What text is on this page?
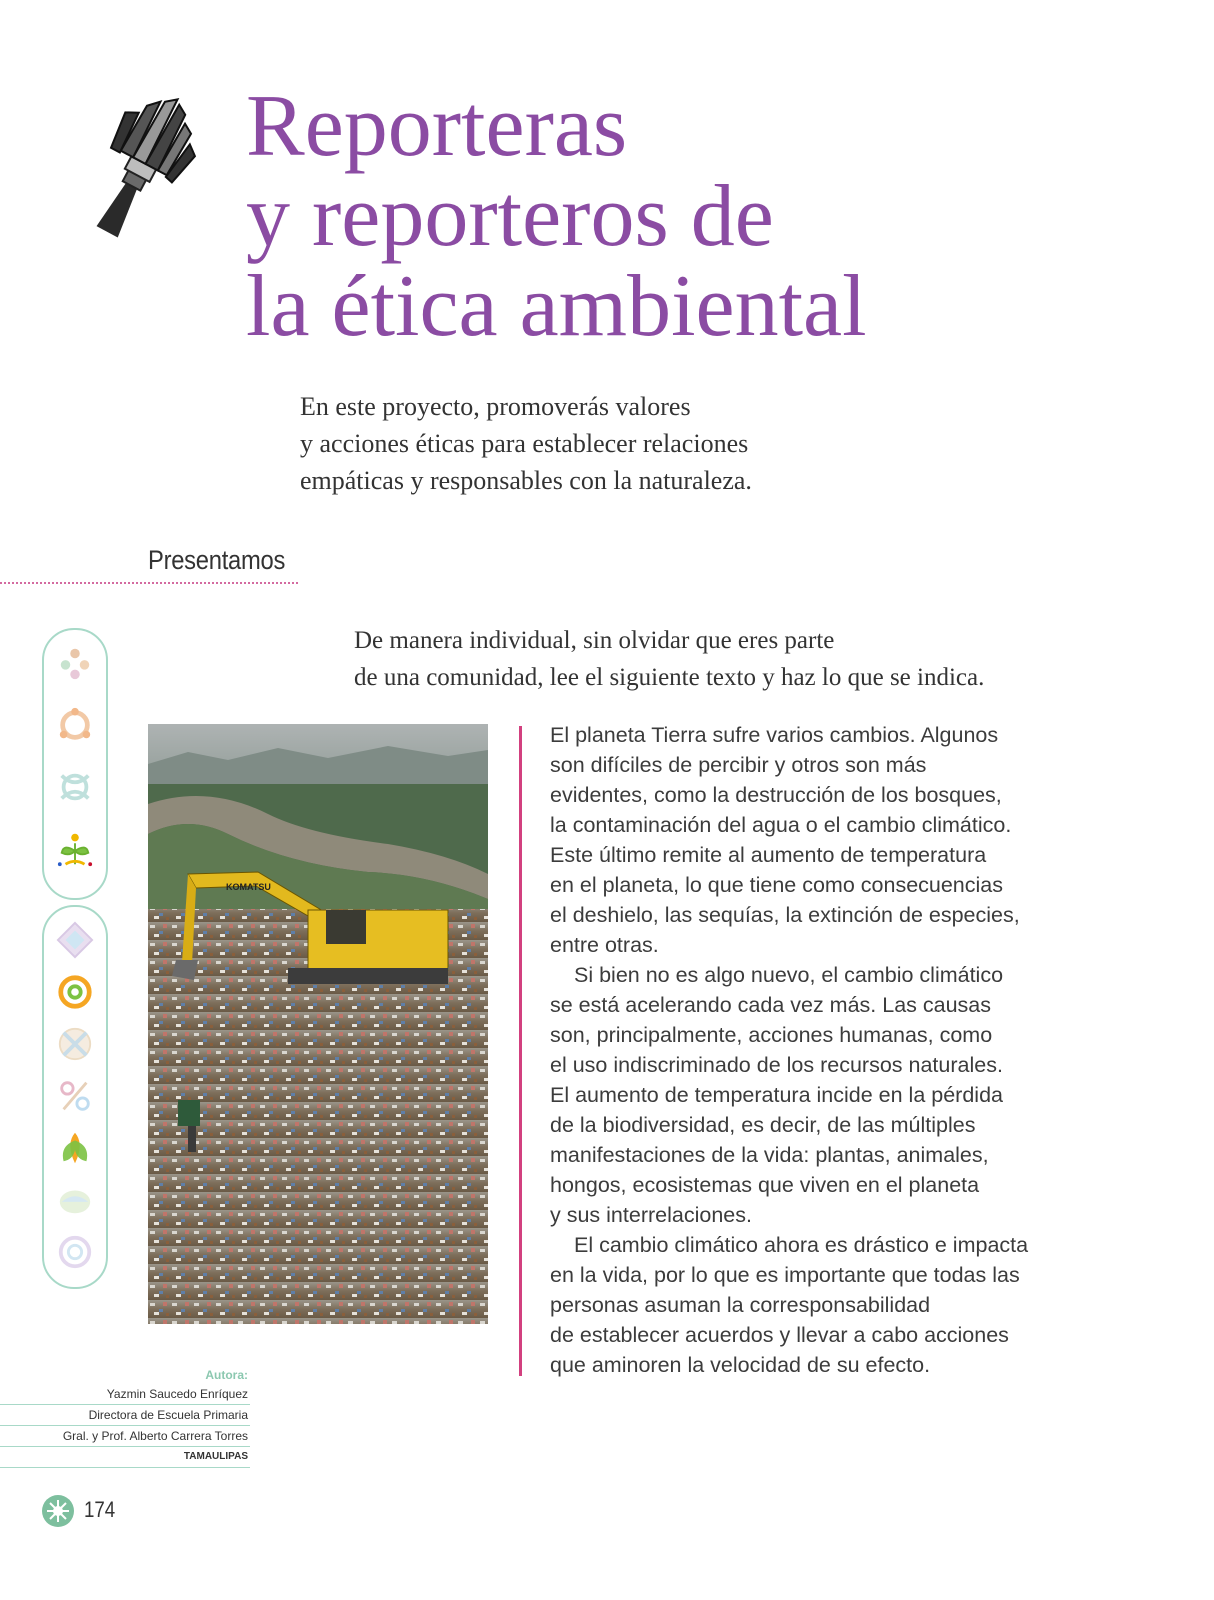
Reporteras
y reporteros de
la ética ambiental
En este proyecto, promoverás valores
y acciones éticas para establecer relaciones
empáticas y responsables con la naturaleza.
Presentamos
De manera individual, sin olvidar que eres parte
de una comunidad, lee el siguiente texto y haz lo que se indica.
KOMATSU
El planeta Tierra sufre varios cambios. Algunos
son difíciles de percibir y otros son más
evidentes, como la destrucción de los bosques,
la contaminación del agua o el cambio climático.
Este último remite al aumento de temperatura
en el planeta, lo que tiene como consecuencias
el deshielo, las sequías, la extinción de especies,
entre otras.
Si bien no es algo nuevo, el cambio climático
se está acelerando cada vez más. Las causas
son, principalmente, acciones humanas, como
el uso indiscriminado de los recursos naturales.
El aumento de temperatura incide en la pérdida
de la biodiversidad, es decir, de las múltiples
manifestaciones de la vida: plantas, animales,
hongos, ecosistemas que viven en el planeta
y sus interrelaciones.
El cambio climático ahora es drástico e impacta
en la vida, por lo que es importante que todas las
personas asuman la corresponsabilidad
de establecer acuerdos y llevar a cabo acciones
que aminoren la velocidad de su efecto.
Autora:
Yazmin Saucedo Enríquez
Directora de Escuela Primaria
Gral. y Prof. Alberto Carrera Torres
TAMAULIPAS
174
